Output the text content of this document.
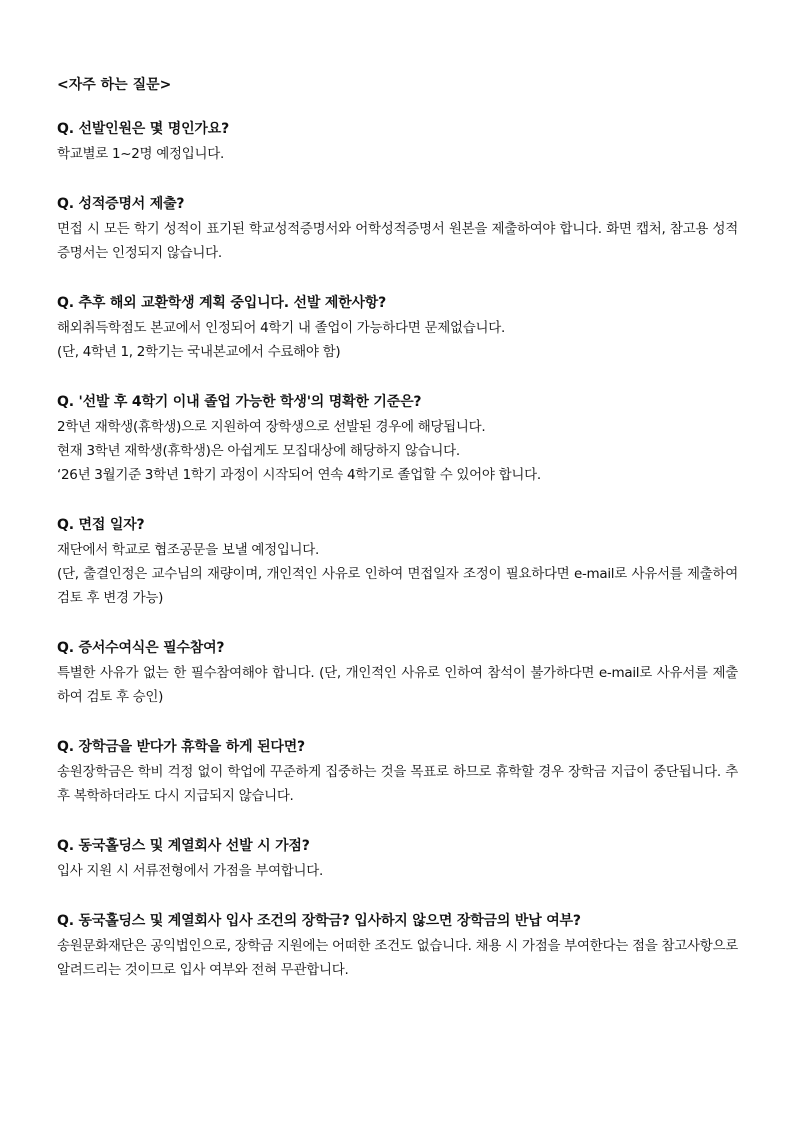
<자주 하는 질문>
Q. 선발인원은 몇 명인가요?
학교별로 1~2명 예정입니다.
Q. 성적증명서 제출?
면접 시 모든 학기 성적이 표기된 학교성적증명서와 어학성적증명서 원본을 제출하여야 합니다. 화면 캡처, 참고용 성적증명서는 인정되지 않습니다.
Q. 추후 해외 교환학생 계획 중입니다. 선발 제한사항?
해외취득학점도 본교에서 인정되어 4학기 내 졸업이 가능하다면 문제없습니다.
(단, 4학년 1, 2학기는 국내본교에서 수료해야 함)
Q. '선발 후 4학기 이내 졸업 가능한 학생'의 명확한 기준은?
2학년 재학생(휴학생)으로 지원하여 장학생으로 선발된 경우에 해당됩니다.
현재 3학년 재학생(휴학생)은 아쉽게도 모집대상에 해당하지 않습니다.
‘26년 3월기준 3학년 1학기 과정이 시작되어 연속 4학기로 졸업할 수 있어야 합니다.
Q. 면접 일자?
재단에서 학교로 협조공문을 보낼 예정입니다.
(단, 출결인정은 교수님의 재량이며, 개인적인 사유로 인하여 면접일자 조정이 필요하다면 e-mail로 사유서를 제출하여 검토 후 변경 가능)
Q. 증서수여식은 필수참여?
특별한 사유가 없는 한 필수참여해야 합니다. (단, 개인적인 사유로 인하여 참석이 불가하다면 e-mail로 사유서를 제출하여 검토 후 승인)
Q. 장학금을 받다가 휴학을 하게 된다면?
송원장학금은 학비 걱정 없이 학업에 꾸준하게 집중하는 것을 목표로 하므로 휴학할 경우 장학금 지급이 중단됩니다. 추후 복학하더라도 다시 지급되지 않습니다.
Q. 동국홀딩스 및 계열회사 선발 시 가점?
입사 지원 시 서류전형에서 가점을 부여합니다.
Q. 동국홀딩스 및 계열회사 입사 조건의 장학금? 입사하지 않으면 장학금의 반납 여부?
송원문화재단은 공익법인으로, 장학금 지원에는 어떠한 조건도 없습니다. 채용 시 가점을 부여한다는 점을 참고사항으로 알려드리는 것이므로 입사 여부와 전혀 무관합니다.
